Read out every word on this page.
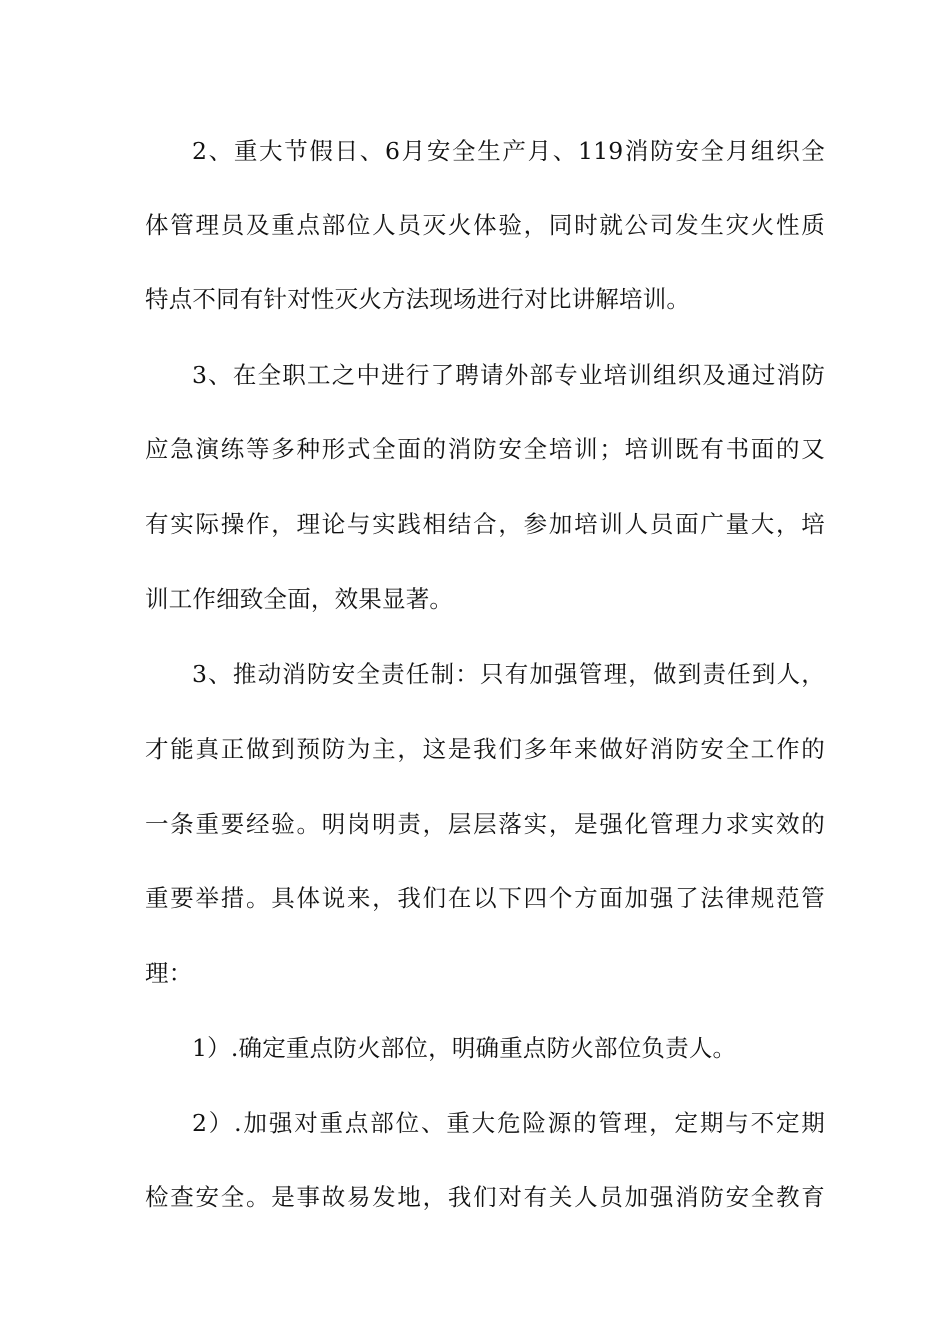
2、重大节假日、6月安全生产月、119消防安全月组织全
体管理员及重点部位人员灭火体验，同时就公司发生灾火性质
特点不同有针对性灭火方法现场进行对比讲解培训。
3、在全职工之中进行了聘请外部专业培训组织及通过消防
应急演练等多种形式全面的消防安全培训；培训既有书面的又
有实际操作，理论与实践相结合，参加培训人员面广量大，培
训工作细致全面，效果显著。
3、推动消防安全责任制：只有加强管理，做到责任到人，
才能真正做到预防为主，这是我们多年来做好消防安全工作的
一条重要经验。明岗明责，层层落实，是强化管理力求实效的
重要举措。具体说来，我们在以下四个方面加强了法律规范管
理：
1）.确定重点防火部位，明确重点防火部位负责人。
2）.加强对重点部位、重大危险源的管理，定期与不定期
检查安全。是事故易发地，我们对有关人员加强消防安全教育
